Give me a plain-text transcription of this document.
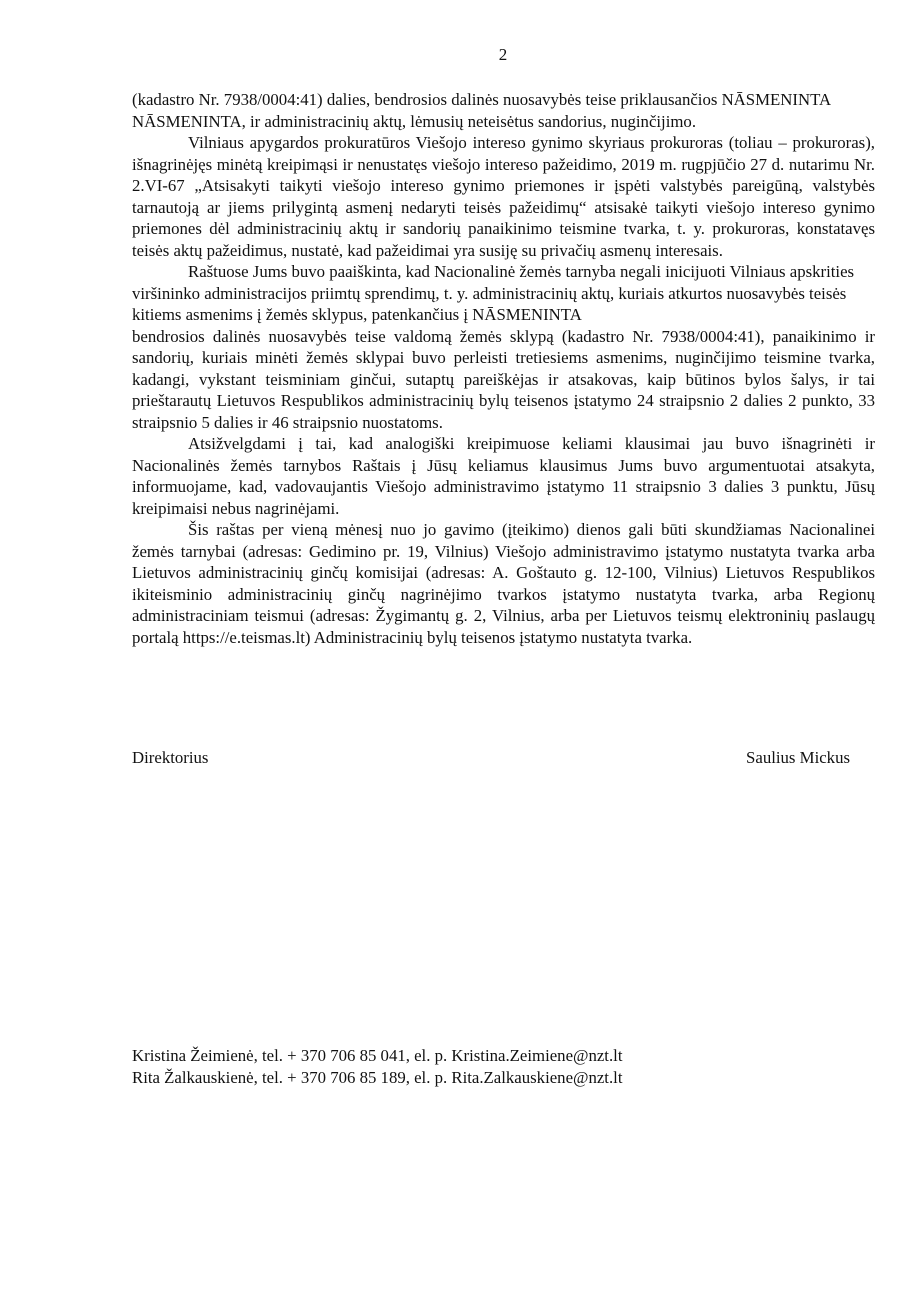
2

(kadastro Nr. 7938/0004:41) dalies, bendrosios dalinės nuosavybės teise priklausančios NĀSMENINTA
NĀSMENINTA, ir administracinių aktų, lėmusių neteisėtus sandorius, nuginčijimo.

Vilniaus apygardos prokuratūros Viešojo intereso gynimo skyriaus prokuroras (toliau – prokuroras), išnagrinėjęs minėtą kreipimąsi ir nenustatęs viešojo intereso pažeidimo, 2019 m. rugpjūčio 27 d. nutarimu Nr. 2.VI-67 „Atsisakyti taikyti viešojo intereso gynimo priemones ir įspėti valstybės pareigūną, valstybės tarnautoją ar jiems prilygintą asmenį nedaryti teisės pažeidimų“ atsisakė taikyti viešojo intereso gynimo priemones dėl administracinių aktų ir sandorių panaikinimo teismine tvarka, t. y. prokuroras, konstatavęs teisės aktų pažeidimus, nustatė, kad pažeidimai yra susiję su privačių asmenų interesais.

Raštuose Jums buvo paaiškinta, kad Nacionalinė žemės tarnyba negali inicijuoti Vilniaus apskrities viršininko administracijos priimtų sprendimų, t. y. administracinių aktų, kuriais atkurtos nuosavybės teisės kitiems asmenims į žemės sklypus, patenkančius į NĀSMENINTA

bendrosios dalinės nuosavybės teise valdomą žemės sklypą (kadastro Nr. 7938/0004:41), panaikinimo ir sandorių, kuriais minėti žemės sklypai buvo perleisti tretiesiems asmenims, nuginčijimo teismine tvarka, kadangi, vykstant teisminiam ginčui, sutaptų pareiškėjas ir atsakovas, kaip būtinos bylos šalys, ir tai prieštarautų Lietuvos Respublikos administracinių bylų teisenos įstatymo 24 straipsnio 2 dalies 2 punkto, 33 straipsnio 5 dalies ir 46 straipsnio nuostatoms.

Atsižvelgdami į tai, kad analogiški kreipimuose keliami klausimai jau buvo išnagrinėti ir Nacionalinės žemės tarnybos Raštais į Jūsų keliamus klausimus Jums buvo argumentuotai atsakyta, informuojame, kad, vadovaujantis Viešojo administravimo įstatymo 11 straipsnio 3 dalies 3 punktu, Jūsų kreipimaisi nebus nagrinėjami.

Šis raštas per vieną mėnesį nuo jo gavimo (įteikimo) dienos gali būti skundžiamas Nacionalinei žemės tarnybai (adresas: Gedimino pr. 19, Vilnius) Viešojo administravimo įstatymo nustatyta tvarka arba Lietuvos administracinių ginčų komisijai (adresas: A. Goštauto g. 12-100, Vilnius) Lietuvos Respublikos ikiteisminio administracinių ginčų nagrinėjimo tvarkos įstatymo nustatyta tvarka, arba Regionų administraciniam teismui (adresas: Žygimantų g. 2, Vilnius, arba per Lietuvos teismų elektroninių paslaugų portalą https://e.teismas.lt) Administracinių bylų teisenos įstatymo nustatyta tvarka.

Direktorius	Saulius Mickus
Kristina Žeimienė, tel. + 370 706 85 041, el. p. Kristina.Zeimiene@nzt.lt
Rita Žalkauskienė, tel. + 370 706 85 189, el. p. Rita.Zalkauskiene@nzt.lt
